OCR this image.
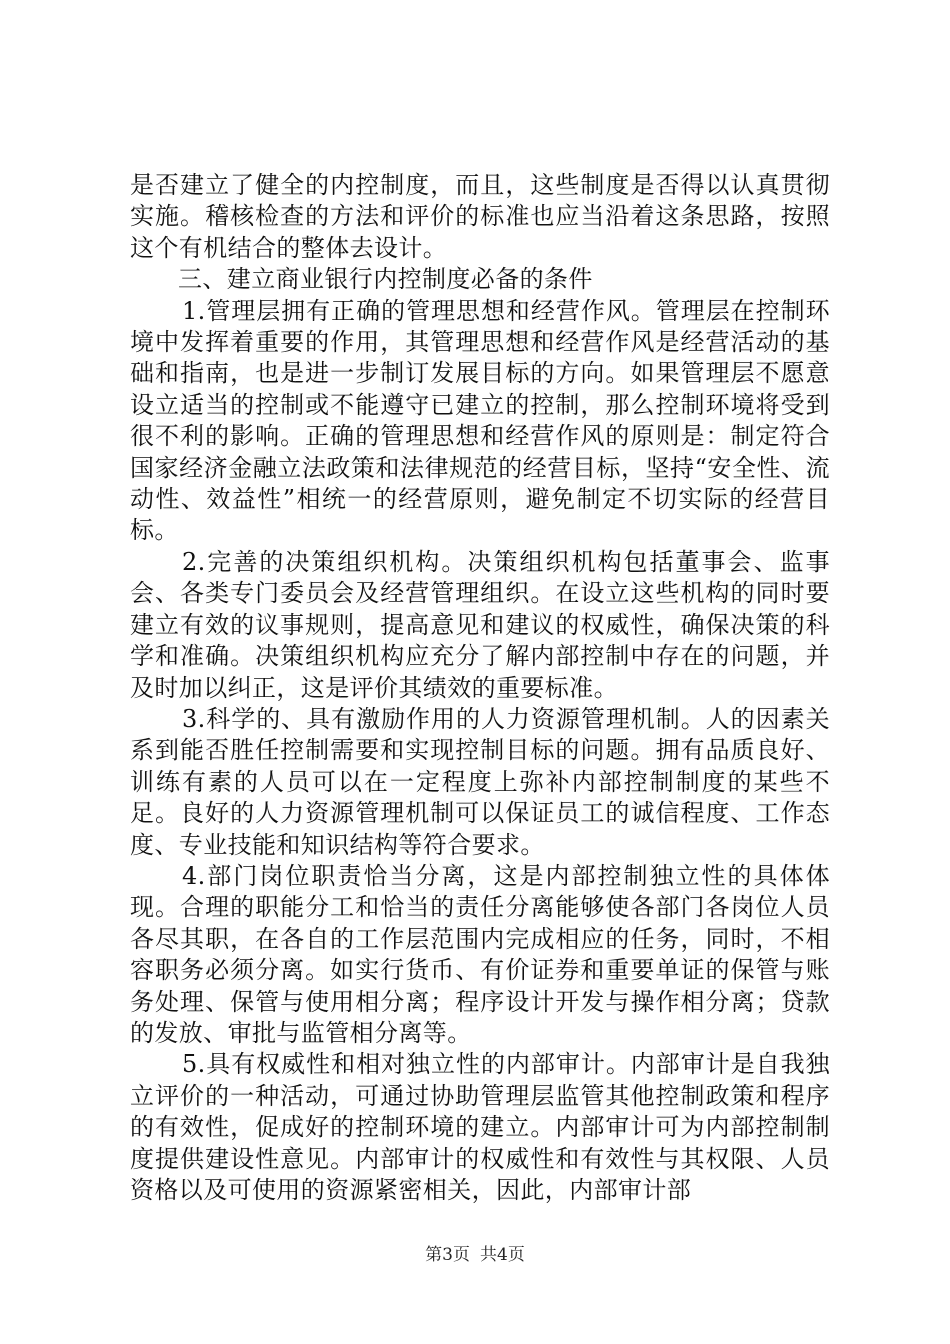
是否建立了健全的内控制度，而且，这些制度是否得以认真贯彻实施。稽核检查的方法和评价的标准也应当沿着这条思路，按照这个有机结合的整体去设计。

三、建立商业银行内控制度必备的条件

1.管理层拥有正确的管理思想和经营作风。管理层在控制环境中发挥着重要的作用，其管理思想和经营作风是经营活动的基础和指南，也是进一步制订发展目标的方向。如果管理层不愿意设立适当的控制或不能遵守已建立的控制，那么控制环境将受到很不利的影响。正确的管理思想和经营作风的原则是：制定符合国家经济金融立法政策和法律规范的经营目标，坚持“安全性、流动性、效益性”相统一的经营原则，避免制定不切实际的经营目标。

2.完善的决策组织机构。决策组织机构包括董事会、监事会、各类专门委员会及经营管理组织。在设立这些机构的同时要建立有效的议事规则，提高意见和建议的权威性，确保决策的科学和准确。决策组织机构应充分了解内部控制中存在的问题，并及时加以纠正，这是评价其绩效的重要标准。

3.科学的、具有激励作用的人力资源管理机制。人的因素关系到能否胜任控制需要和实现控制目标的问题。拥有品质良好、训练有素的人员可以在一定程度上弥补内部控制制度的某些不足。良好的人力资源管理机制可以保证员工的诚信程度、工作态度、专业技能和知识结构等符合要求。

4.部门岗位职责恰当分离，这是内部控制独立性的具体体现。合理的职能分工和恰当的责任分离能够使各部门各岗位人员各尽其职，在各自的工作层范围内完成相应的任务，同时，不相容职务必须分离。如实行货币、有价证券和重要单证的保管与账务处理、保管与使用相分离；程序设计开发与操作相分离；贷款的发放、审批与监管相分离等。

5.具有权威性和相对独立性的内部审计。内部审计是自我独立评价的一种活动，可通过协助管理层监管其他控制政策和程序的有效性，促成好的控制环境的建立。内部审计可为内部控制制度提供建设性意见。内部审计的权威性和有效性与其权限、人员资格以及可使用的资源紧密相关，因此，内部审计部

第3页 共4页
